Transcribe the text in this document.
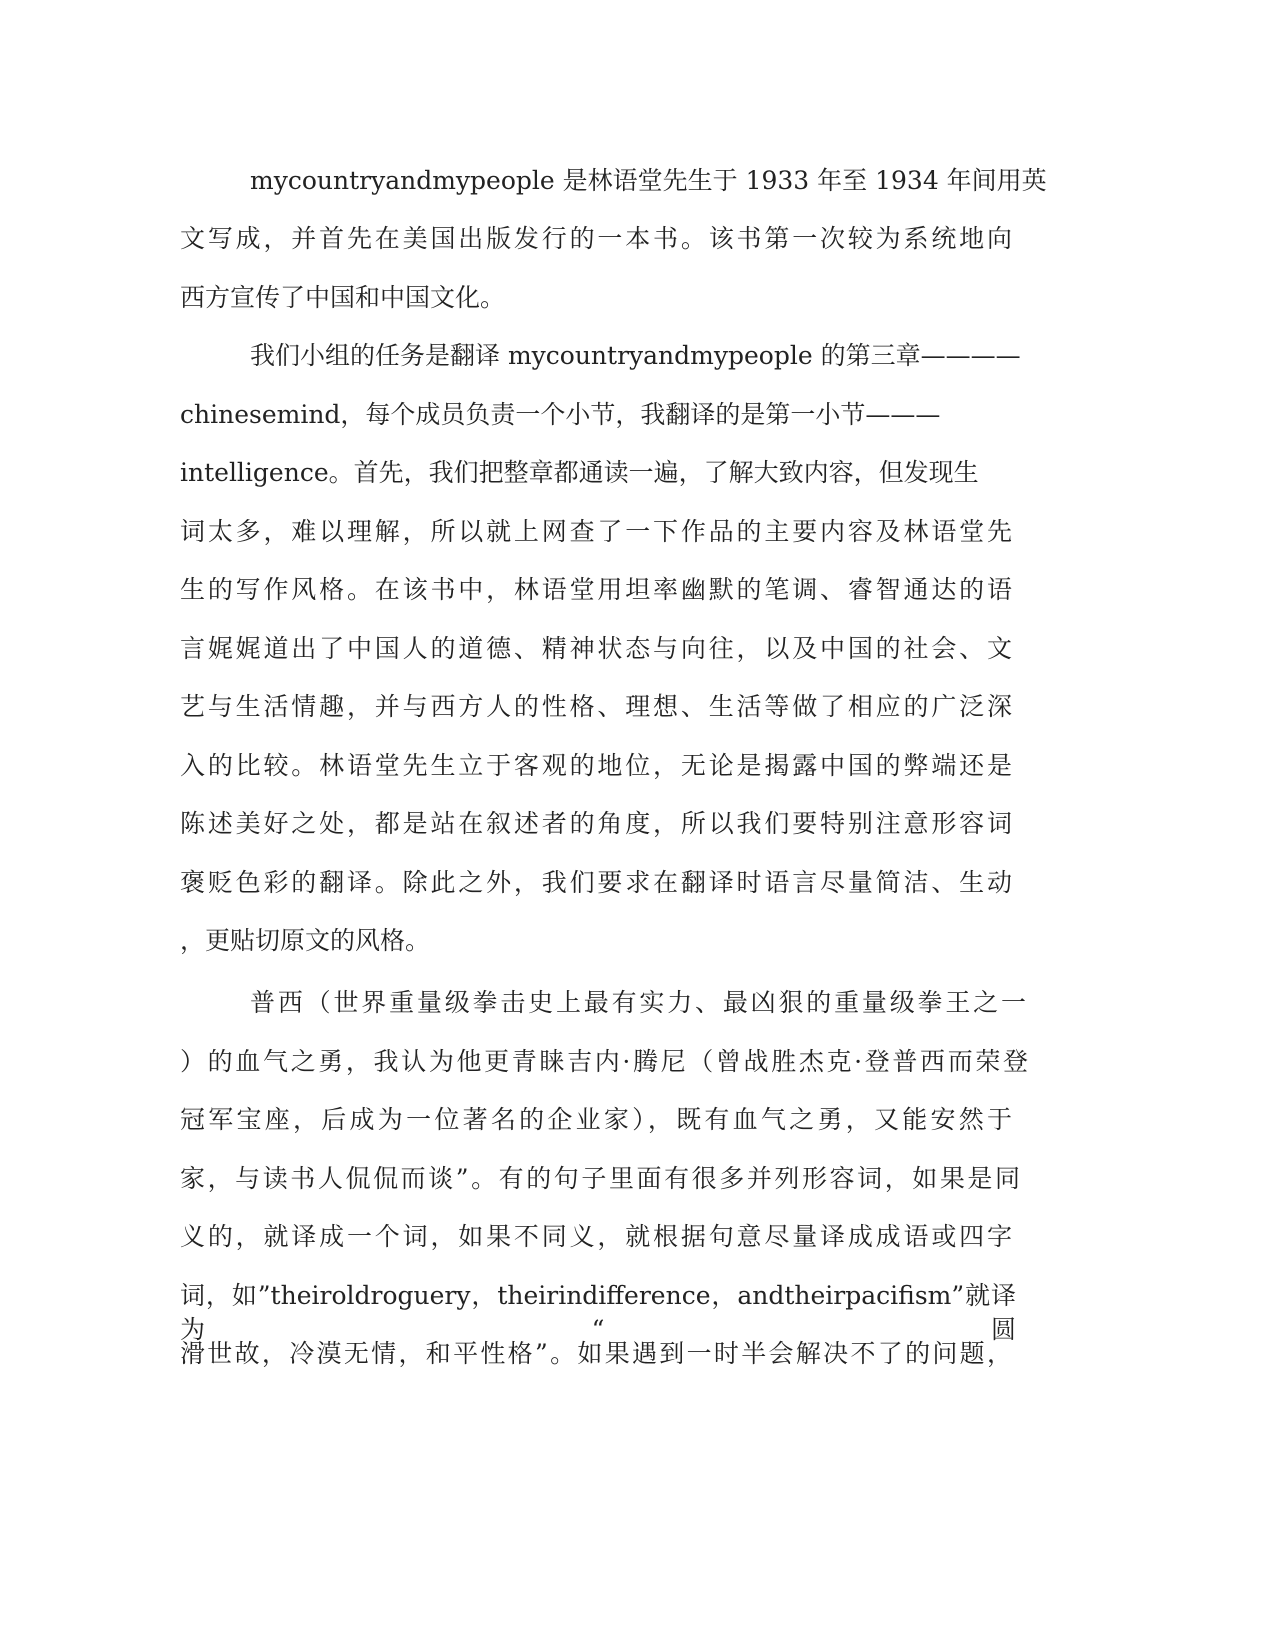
mycountryandmypeople 是林语堂先生于 1933 年至 1934 年间用英
文写成，并首先在美国出版发行的一本书。该书第一次较为系统地向
西方宣传了中国和中国文化。
我们小组的任务是翻译 mycountryandmypeople 的第三章————
chinesemind，每个成员负责一个小节，我翻译的是第一小节———
intelligence。首先，我们把整章都通读一遍，了解大致内容，但发现生
词太多，难以理解，所以就上网查了一下作品的主要内容及林语堂先
生的写作风格。在该书中，林语堂用坦率幽默的笔调、睿智通达的语
言娓娓道出了中国人的道德、精神状态与向往，以及中国的社会、文
艺与生活情趣，并与西方人的性格、理想、生活等做了相应的广泛深
入的比较。林语堂先生立于客观的地位，无论是揭露中国的弊端还是
陈述美好之处，都是站在叙述者的角度，所以我们要特别注意形容词
褒贬色彩的翻译。除此之外，我们要求在翻译时语言尽量简洁、生动
，更贴切原文的风格。
普西（世界重量级拳击史上最有实力、最凶狠的重量级拳王之一
）的血气之勇，我认为他更青睐吉内·腾尼（曾战胜杰克·登普西而荣登
冠军宝座，后成为一位著名的企业家），既有血气之勇，又能安然于
家，与读书人侃侃而谈”。有的句子里面有很多并列形容词，如果是同
义的，就译成一个词，如果不同义，就根据句意尽量译成成语或四字
词，如”theiroldroguery，theirindifference，andtheirpacifism”就译为“圆
滑世故，冷漠无情，和平性格”。如果遇到一时半会解决不了的问题，
